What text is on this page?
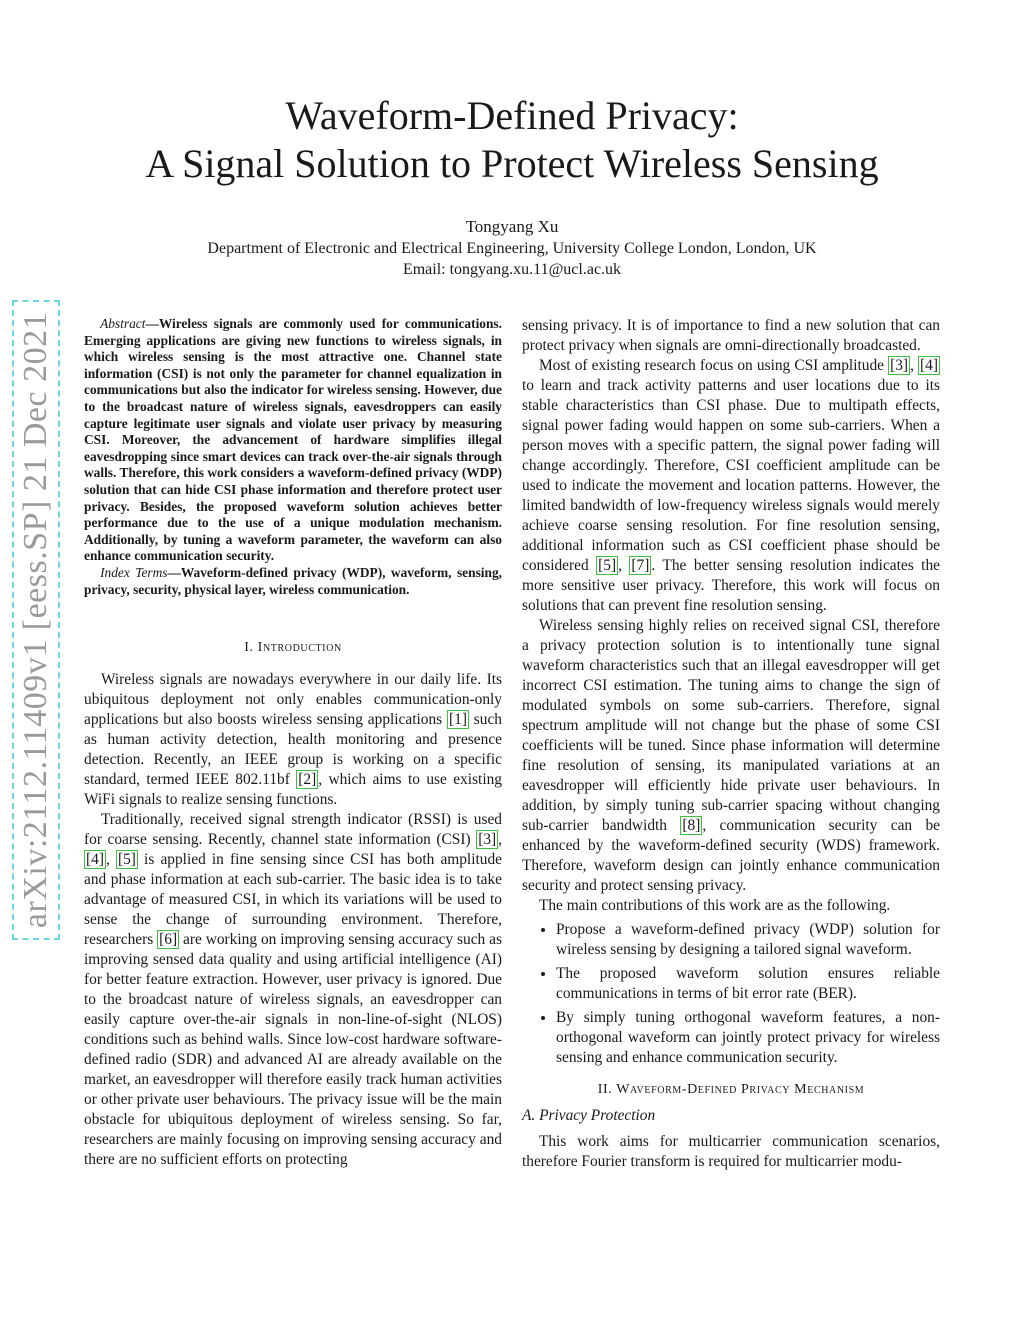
arXiv:2112.11409v1 [eess.SP] 21 Dec 2021
Waveform-Defined Privacy:
A Signal Solution to Protect Wireless Sensing
Tongyang Xu
Department of Electronic and Electrical Engineering, University College London, London, UK
Email: tongyang.xu.11@ucl.ac.uk

Abstract—Wireless signals are commonly used for communications. Emerging applications are giving new functions to wireless signals, in which wireless sensing is the most attractive one. Channel state information (CSI) is not only the parameter for channel equalization in communications but also the indicator for wireless sensing. However, due to the broadcast nature of wireless signals, eavesdroppers can easily capture legitimate user signals and violate user privacy by measuring CSI. Moreover, the advancement of hardware simplifies illegal eavesdropping since smart devices can track over-the-air signals through walls. Therefore, this work considers a waveform-defined privacy (WDP) solution that can hide CSI phase information and therefore protect user privacy. Besides, the proposed waveform solution achieves better performance due to the use of a unique modulation mechanism. Additionally, by tuning a waveform parameter, the waveform can also enhance communication security.

Index Terms—Waveform-defined privacy (WDP), waveform, sensing, privacy, security, physical layer, wireless communication.

I. Introduction

Wireless signals are nowadays everywhere in our daily life. Its ubiquitous deployment not only enables communication-only applications but also boosts wireless sensing applications [1] such as human activity detection, health monitoring and presence detection. Recently, an IEEE group is working on a specific standard, termed IEEE 802.11bf [2] , which aims to use existing WiFi signals to realize sensing functions.

Traditionally, received signal strength indicator (RSSI) is used for coarse sensing. Recently, channel state information (CSI) [3] , [4] , [5] is applied in fine sensing since CSI has both amplitude and phase information at each sub-carrier. The basic idea is to take advantage of measured CSI, in which its variations will be used to sense the change of surrounding environment. Therefore, researchers [6] are working on improving sensing accuracy such as improving sensed data quality and using artificial intelligence (AI) for better feature extraction. However, user privacy is ignored. Due to the broadcast nature of wireless signals, an eavesdropper can easily capture over-the-air signals in non-line-of-sight (NLOS) conditions such as behind walls. Since low-cost hardware software-defined radio (SDR) and advanced AI are already available on the market, an eavesdropper will therefore easily track human activities or other private user behaviours. The privacy issue will be the main obstacle for ubiquitous deployment of wireless sensing. So far, researchers are mainly focusing on improving sensing accuracy and there are no sufficient efforts on protecting

sensing privacy. It is of importance to find a new solution that can protect privacy when signals are omni-directionally broadcasted.

Most of existing research focus on using CSI amplitude [3] , [4] to learn and track activity patterns and user locations due to its stable characteristics than CSI phase. Due to multipath effects, signal power fading would happen on some sub-carriers. When a person moves with a specific pattern, the signal power fading will change accordingly. Therefore, CSI coefficient amplitude can be used to indicate the movement and location patterns. However, the limited bandwidth of low-frequency wireless signals would merely achieve coarse sensing resolution. For fine resolution sensing, additional information such as CSI coefficient phase should be considered [5] , [7] . The better sensing resolution indicates the more sensitive user privacy. Therefore, this work will focus on solutions that can prevent fine resolution sensing.

Wireless sensing highly relies on received signal CSI, therefore a privacy protection solution is to intentionally tune signal waveform characteristics such that an illegal eavesdropper will get incorrect CSI estimation. The tuning aims to change the sign of modulated symbols on some sub-carriers. Therefore, signal spectrum amplitude will not change but the phase of some CSI coefficients will be tuned. Since phase information will determine fine resolution of sensing, its manipulated variations at an eavesdropper will efficiently hide private user behaviours. In addition, by simply tuning sub-carrier spacing without changing sub-carrier bandwidth [8] , communication security can be enhanced by the waveform-defined security (WDS) framework. Therefore, waveform design can jointly enhance communication security and protect sensing privacy.

The main contributions of this work are as the following.

• Propose a waveform-defined privacy (WDP) solution for wireless sensing by designing a tailored signal waveform.
• The proposed waveform solution ensures reliable communications in terms of bit error rate (BER).
• By simply tuning orthogonal waveform features, a non-orthogonal waveform can jointly protect privacy for wireless sensing and enhance communication security.
II. Waveform-Defined Privacy Mechanism
A. Privacy Protection

This work aims for multicarrier communication scenarios, therefore Fourier transform is required for multicarrier modu-
